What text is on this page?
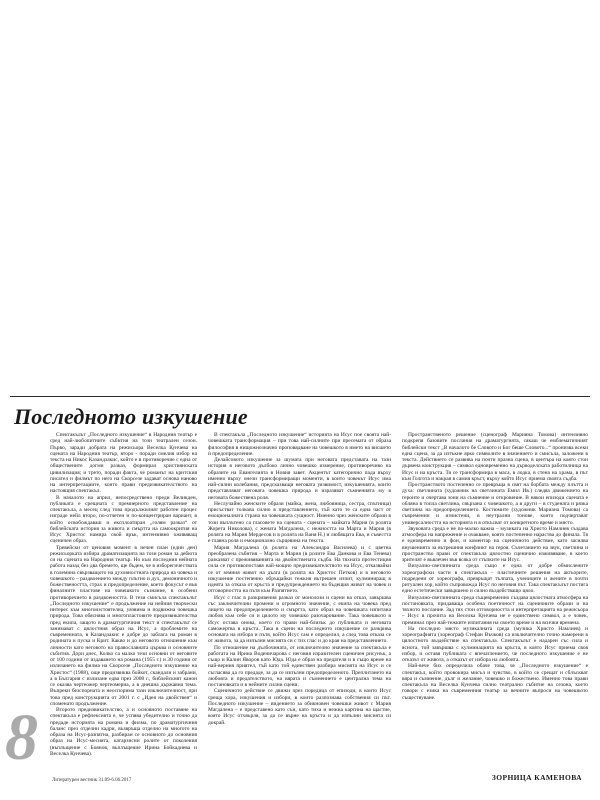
Последното изкушение

Спектакълът „Последното изкушение“ в Народния театър е сред най-любопитните събития на този театрален сезон. Първо, заради добрата на режисьора Веселка Кунчева на сцената на Народния театър, второ - поради смелия избор на текста на Никос Казандзакис, който е в противоречие с една от обществените догми разказ, формирал християнската цивилизация; и трето, поради факта, че романът на критския писател и филмът по него на Скорсезе задават основа наново на интерпретациите, които прави предизвикателството на настоящия спектакъл.

В началото на април, непосредствено преди Великден, публиката е срещната с премиерното представление на спектакъла, а месец след това продължилият работен процес изграде нейл второ, по-отчетен и по-концентриран вариант, в който освобождаваш и експлоатиран „голям разказ“ от библейската история за живота и смъртта на самоокрития на Исус Христос намира свой ярък, интензивно оживяващ сценичен образ.

Тревейски от ценовия момент в нечен план (един ден) режисьорката избира драматизацията на този роман за дебюта си на сцената на Народния театър. Но към последния нейната работа назад без два бремето, ще бъдем, че в изборегичествата в големина свързващото на духовностната природа на човека и човешкото – раздвоението между плътно и дух, демоничното и божествеността, страх и предопределение, което фокусът е във финалните пластове на човешкото съзнание, в особени противоречието в раздвоеността. В тези смисъла спектакълът „Последното изкушение“ е продължение на нейния творчески интерес към многоизстоятелна, уязвима и подвижна човешка природа. Това обяснява и многопластовите предизвикателства пред екипа, защото в драматургичния текст и спектакълът се занимават с цялостния образ на Исус, а проблемите на съвременната, в Казандзакис е добре до заблага на роман в родината и пуска и Крит. Какво и до неговото отношение към личности като неговото на православната църква и основните събития. Дори днес, Колко са малко тези основни от неговите от 100 години от издаването на романа (1955 г.) и 30 години от излизането на филма на Скорсезе „Последното изкушение на Христос“ (1988), още предизвиква бойкот, скандали и забрани, а в България с излизане едва през 2008 г., библейският канон се оказва чертеожер чертеомерна, а в днешна държавна тема. Въпреки безспорната и неоспорима тази изключителност, при това пред конструкцията от 2001 г. с „Идея на двойствен“ и споменато продължение.

Второто предизвикателство, а и основното поставяне на спектакъла е рефлексията е, че успява убедително и точно да предаде историята на романа и филма, по драматургичния баланс през отделни кадри, възвръща отделно на многото на образа на Исус-разпятна, разбиран се основното до основния образ на Исус-месията, катарзисни ролите от поколения (въплъщение с Боянов, въплъщение Ирина Бойкадиева и Веселка Кунчева).

В спектакъла „Последното изкушение“ историята на Исус пое своята най-човешката трансформация – при това най-силните при пресемата от образа философия в нищожнозначно проповядване на човешкото в името на висшето ѝ предопределение.

Делайсовото изкушение за шумата при неговата представата на тази история в неговото дълбоко лично човешко измерение, противоречиво на образите на Евангелията в Новия завет. Акцентът категорично пада върху именно върху онези трансформиращи моменти, в които човекът Исус има най-силни колебания, предсказващи неговата уязвимост, изкушенията, които представляват неговата човешка природа и изразяват съмненията му в неговата божествена роля.

Неслучайно женските образи (майка, жена, любовница, сестра, спътница) присъстват толкова силно в представлението, тъй като те са една част от емоционалната страна на човешката сущност. Именно чрез женските образи в този въплътено са гласовете на сцената - сцената – майката Мария (в ролята Жорета Николова), с жената Магдалена, с нежността на Марта и Мария (в ролята на Мария Мердесов и в ролята на Ваня Н.) и любящата Ева, и съвестта е главна роля и емоционално сърцевина на текста.

Мария Магдалена (в ролята на Александра Василева) и с цветна преобразена събития – Марта и Мария (в ролите Ева Данкова и Ева Тенева) разказват с преживяванията на двойнствената съдба. На тяхната протестиция сила се противопоставя най-мощно предизвикателството на Исус, отказвайки се от земния живот на дълга (в ролята на Христос Петков) и в неговото изкушение постепенно обръщайки тежкия вътрешен изпит, кулминиращ в идеята за отказа от кръста и предупреждението на бъдещия живот на човек и отговорността на пътя към Разпятието.

Исус с глас в разкривения разказ от монолози и сцени на отказ, завършва със заключителни промени и огромното значение, с екипа на човека пред лицето на предопределението и смъртта, като образ на човешката изпитана любов към себе си и цялото му човешко разочарование. Така човешкото в Исус остава онова, което го прави най-близък до публиката и неговата саможертва в кръста. Така в сцени на последното изкушение се разкрива основата на избора и пътя, който Исус сам е определил, а след това отказа се от живота, за да изпълни мисията си с тих глас и до края на представлението.

По отношение на дълбочината, от изключително значение за спектакъла е работата на Ирина Воденичарова с неговия изразителен сценичен рисунък, а също и Калин Яворов като Юда. Юда е образ на предателя и в също време на най-верния приятел, тъй като той единствен разбира мисията на Исус и се съгласява да го предаде, за да се изпълни предопределеното. Преплитането на любовта и предателството, на вярата и съмнението е централна тема на постановката и в нейните силни сцени.

Сценичното действие се движи чрез поредица от епизоди, в които Исус среща хора, изкушения и избори, в които разпознава собствения си път. Последното изкушение – видението за обикновен човешки живот с Мария Магдалена – е представено като сън, като тиха и нежна картина на щастие, която Исус отхвърля, за да се върне на кръста и да изпълни мисията си докрай.

Пространственото решение (сценограф Марияна Томова) интензивно подкрепя базовите послания на драматургията, сякаш че емблематичният библейски текст „В началото бе Словото и Бог беше Словото...“ пронизва всеки една сцена, за да изтъкне ярко символите в значението и смисъла, заложени в текста. Действието се развива на почти празна сцена, в центъра на която стои дървена конструкция – символ едновременно на дърводелската работилница на Исус и на кръста. Тя се трансформира в маса, в лодка, в стена на храма, в път към Голгота и накрая в самия кръст, върху който Исус приема своята съдба.

Пространството постепенно се превръща в свят на борбата между плътта и духа: светлината (художник на светлината Емил Ив.) следва движението на героите и очертава зони на съмнение и откровение. В някои епизоди сцената е обляна в топла светлина, свързана с човешкото, а в други – в студената и рязка светлина на предопределението. Костюмите (художник Мариана Томова) са съвременни и изчистени, в неутрални тонове, които подчертават универсалността на историята и я откъсват от конкретното време и място.

Звуковата среда е не по-малко важна – музиката на Христо Намлиев създава атмосфера на напрежение и очакване, която постепенно нараства до финала. Тя е едновременно и фон, и коментар на сценичното действие, като засилва внушенията за вътрешния конфликт на героя. Съчетанието на звук, светлина и пространство прави от спектакъла цялостно сценично изживяване, в което зрителят е въвлечен във всяка от стъпките на Исус.

Визуално-светлинната среда също е една от добре обмислените хореографски части в спектакъла – пластичните решения на актьорите, подредени от хореографа, превръщат тълпата, учениците и жените в почти ритуален хор, който съпровожда Исус по неговия път. Така спектакълът постига едно естетически завършено и силно въздействащо цяло.

Визуално-светлинната среда същевременно създава цялостната атмосфера на постановката, придаваща особена поетичност на сценичните образи и на тяхното послание. Зад тях стои отговорността и интерпретацията на режисьора – Исус в прочита на Веселка Кунчева не е единствено символ, а е човек, преминал през най-тежките изпитания на своето време и на всички времена.

На последно място музикалната среда (музика Христо Намлиев) и хореографията (хореограф Стефан Въчков) са изключително точно намерени в цялостното въздействие на спектакъла. Спектакълът е надарен със сила и яснота, той завършва с кулминацията на кръста, в която Исус приема своя избор, и оставя публиката с впечатлението, че последното изкушение е не отказът от живота, а отказът от избора на любовта.

Най-вече бих определила обаче това, че „Последното изкушение“ е спектакъл, който провокира мисъл и чувство, в който се срещат и сблъскват вяра и съмнение, дълг и желание, човешко и божествено. Именно това прави спектакъла на Веселка Кунчева силно театрално събитие на сезона, което говори с езика на съвременния театър за вечните въпроси на човешкото съществуване.

8

Литературен вестник 31.09-6.06.2017	ЗОРНИЦА КАМЕНОВА
